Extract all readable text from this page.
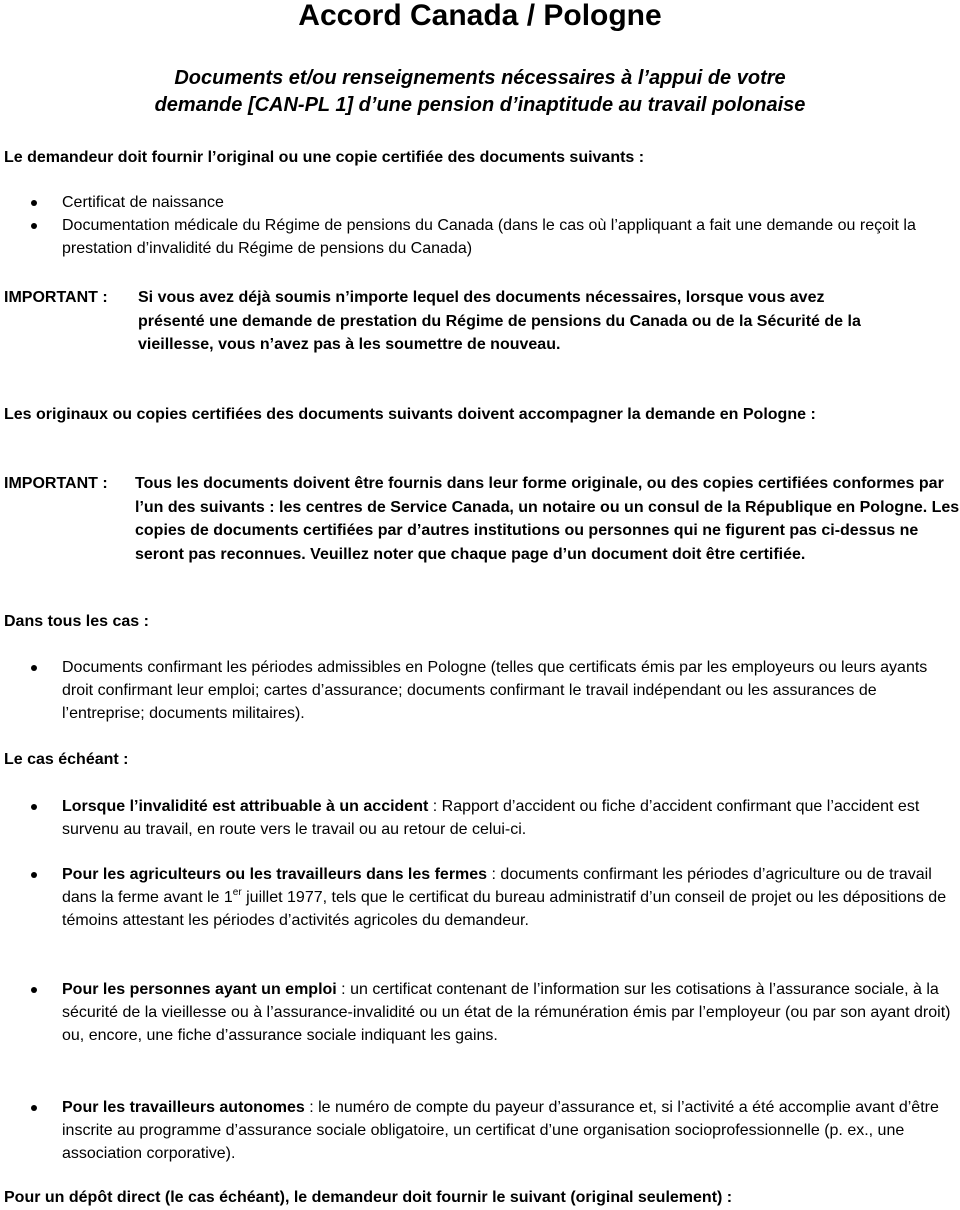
Accord Canada / Pologne
Documents et/ou renseignements nécessaires à l’appui de votre
demande [CAN-PL 1] d’une pension d’inaptitude au travail polonaise

Le demandeur doit fournir l’original ou une copie certifiée des documents suivants :

Certificat de naissance
Documentation médicale du Régime de pensions du Canada (dans le cas où l’appliquant a fait une demande ou reçoit la prestation d’invalidité du Régime de pensions du Canada)
IMPORTANT : Si vous avez déjà soumis n’importe lequel des documents nécessaires, lorsque vous avez présenté une demande de prestation du Régime de pensions du Canada ou de la Sécurité de la vieillesse, vous n’avez pas à les soumettre de nouveau.

Les originaux ou copies certifiées des documents suivants doivent accompagner la demande en Pologne :

IMPORTANT : Tous les documents doivent être fournis dans leur forme originale, ou des copies certifiées conformes par l’un des suivants : les centres de Service Canada, un notaire ou un consul de la République en Pologne. Les copies de documents certifiées par d’autres institutions ou personnes qui ne figurent pas ci-dessus ne seront pas reconnues. Veuillez noter que chaque page d’un document doit être certifiée.

Dans tous les cas :

Documents confirmant les périodes admissibles en Pologne (telles que certificats émis par les employeurs ou leurs ayants droit confirmant leur emploi; cartes d’assurance; documents confirmant le travail indépendant ou les assurances de l’entreprise; documents militaires).

Le cas échéant :

Lorsque l’invalidité est attribuable à un accident : Rapport d’accident ou fiche d’accident confirmant que l’accident est survenu au travail, en route vers le travail ou au retour de celui-ci.
Pour les agriculteurs ou les travailleurs dans les fermes : documents confirmant les périodes d’agriculture ou de travail dans la ferme avant le 1er juillet 1977, tels que le certificat du bureau administratif d’un conseil de projet ou les dépositions de témoins attestant les périodes d’activités agricoles du demandeur.
Pour les personnes ayant un emploi : un certificat contenant de l’information sur les cotisations à l’assurance sociale, à la sécurité de la vieillesse ou à l’assurance-invalidité ou un état de la rémunération émis par l’employeur (ou par son ayant droit) ou, encore, une fiche d’assurance sociale indiquant les gains.
Pour les travailleurs autonomes : le numéro de compte du payeur d’assurance et, si l’activité a été accomplie avant d’être inscrite au programme d’assurance sociale obligatoire, un certificat d’une organisation socioprofessionnelle (p. ex., une association corporative).

Pour un dépôt direct (le cas échéant), le demandeur doit fournir le suivant (original seulement) :
